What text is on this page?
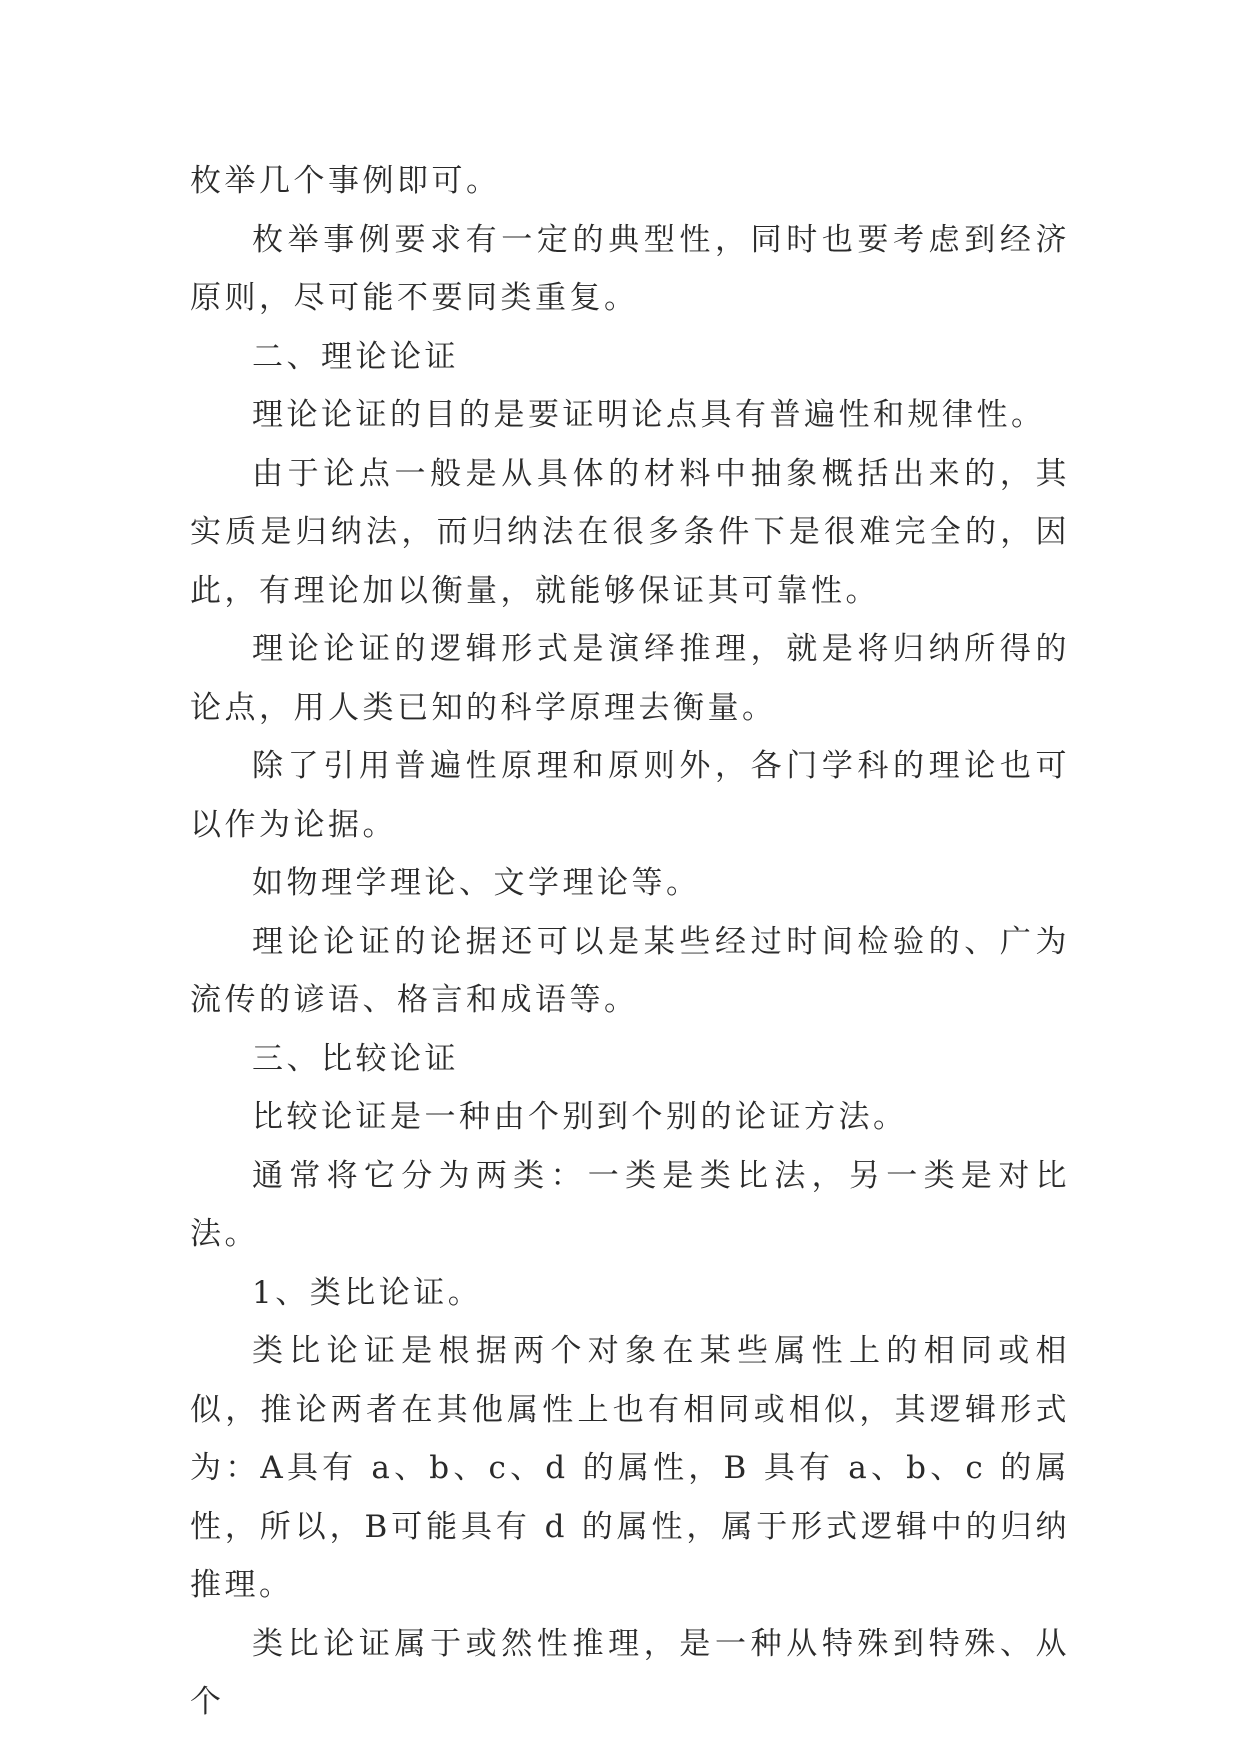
枚举几个事例即可。

枚举事例要求有一定的典型性，同时也要考虑到经济原则，尽可能不要同类重复。

二、理论论证

理论论证的目的是要证明论点具有普遍性和规律性。

由于论点一般是从具体的材料中抽象概括出来的，其实质是归纳法，而归纳法在很多条件下是很难完全的，因此，有理论加以衡量，就能够保证其可靠性。

理论论证的逻辑形式是演绎推理，就是将归纳所得的论点，用人类已知的科学原理去衡量。

除了引用普遍性原理和原则外，各门学科的理论也可以作为论据。

如物理学理论、文学理论等。

理论论证的论据还可以是某些经过时间检验的、广为流传的谚语、格言和成语等。

三、比较论证

比较论证是一种由个别到个别的论证方法。

通常将它分为两类：一类是类比法，另一类是对比法。

1、类比论证。

类比论证是根据两个对象在某些属性上的相同或相似，推论两者在其他属性上也有相同或相似，其逻辑形式为：A具有 a、b、c、d 的属性，B 具有 a、b、c 的属性，所以，B可能具有 d 的属性，属于形式逻辑中的归纳推理。

类比论证属于或然性推理，是一种从特殊到特殊、从个
